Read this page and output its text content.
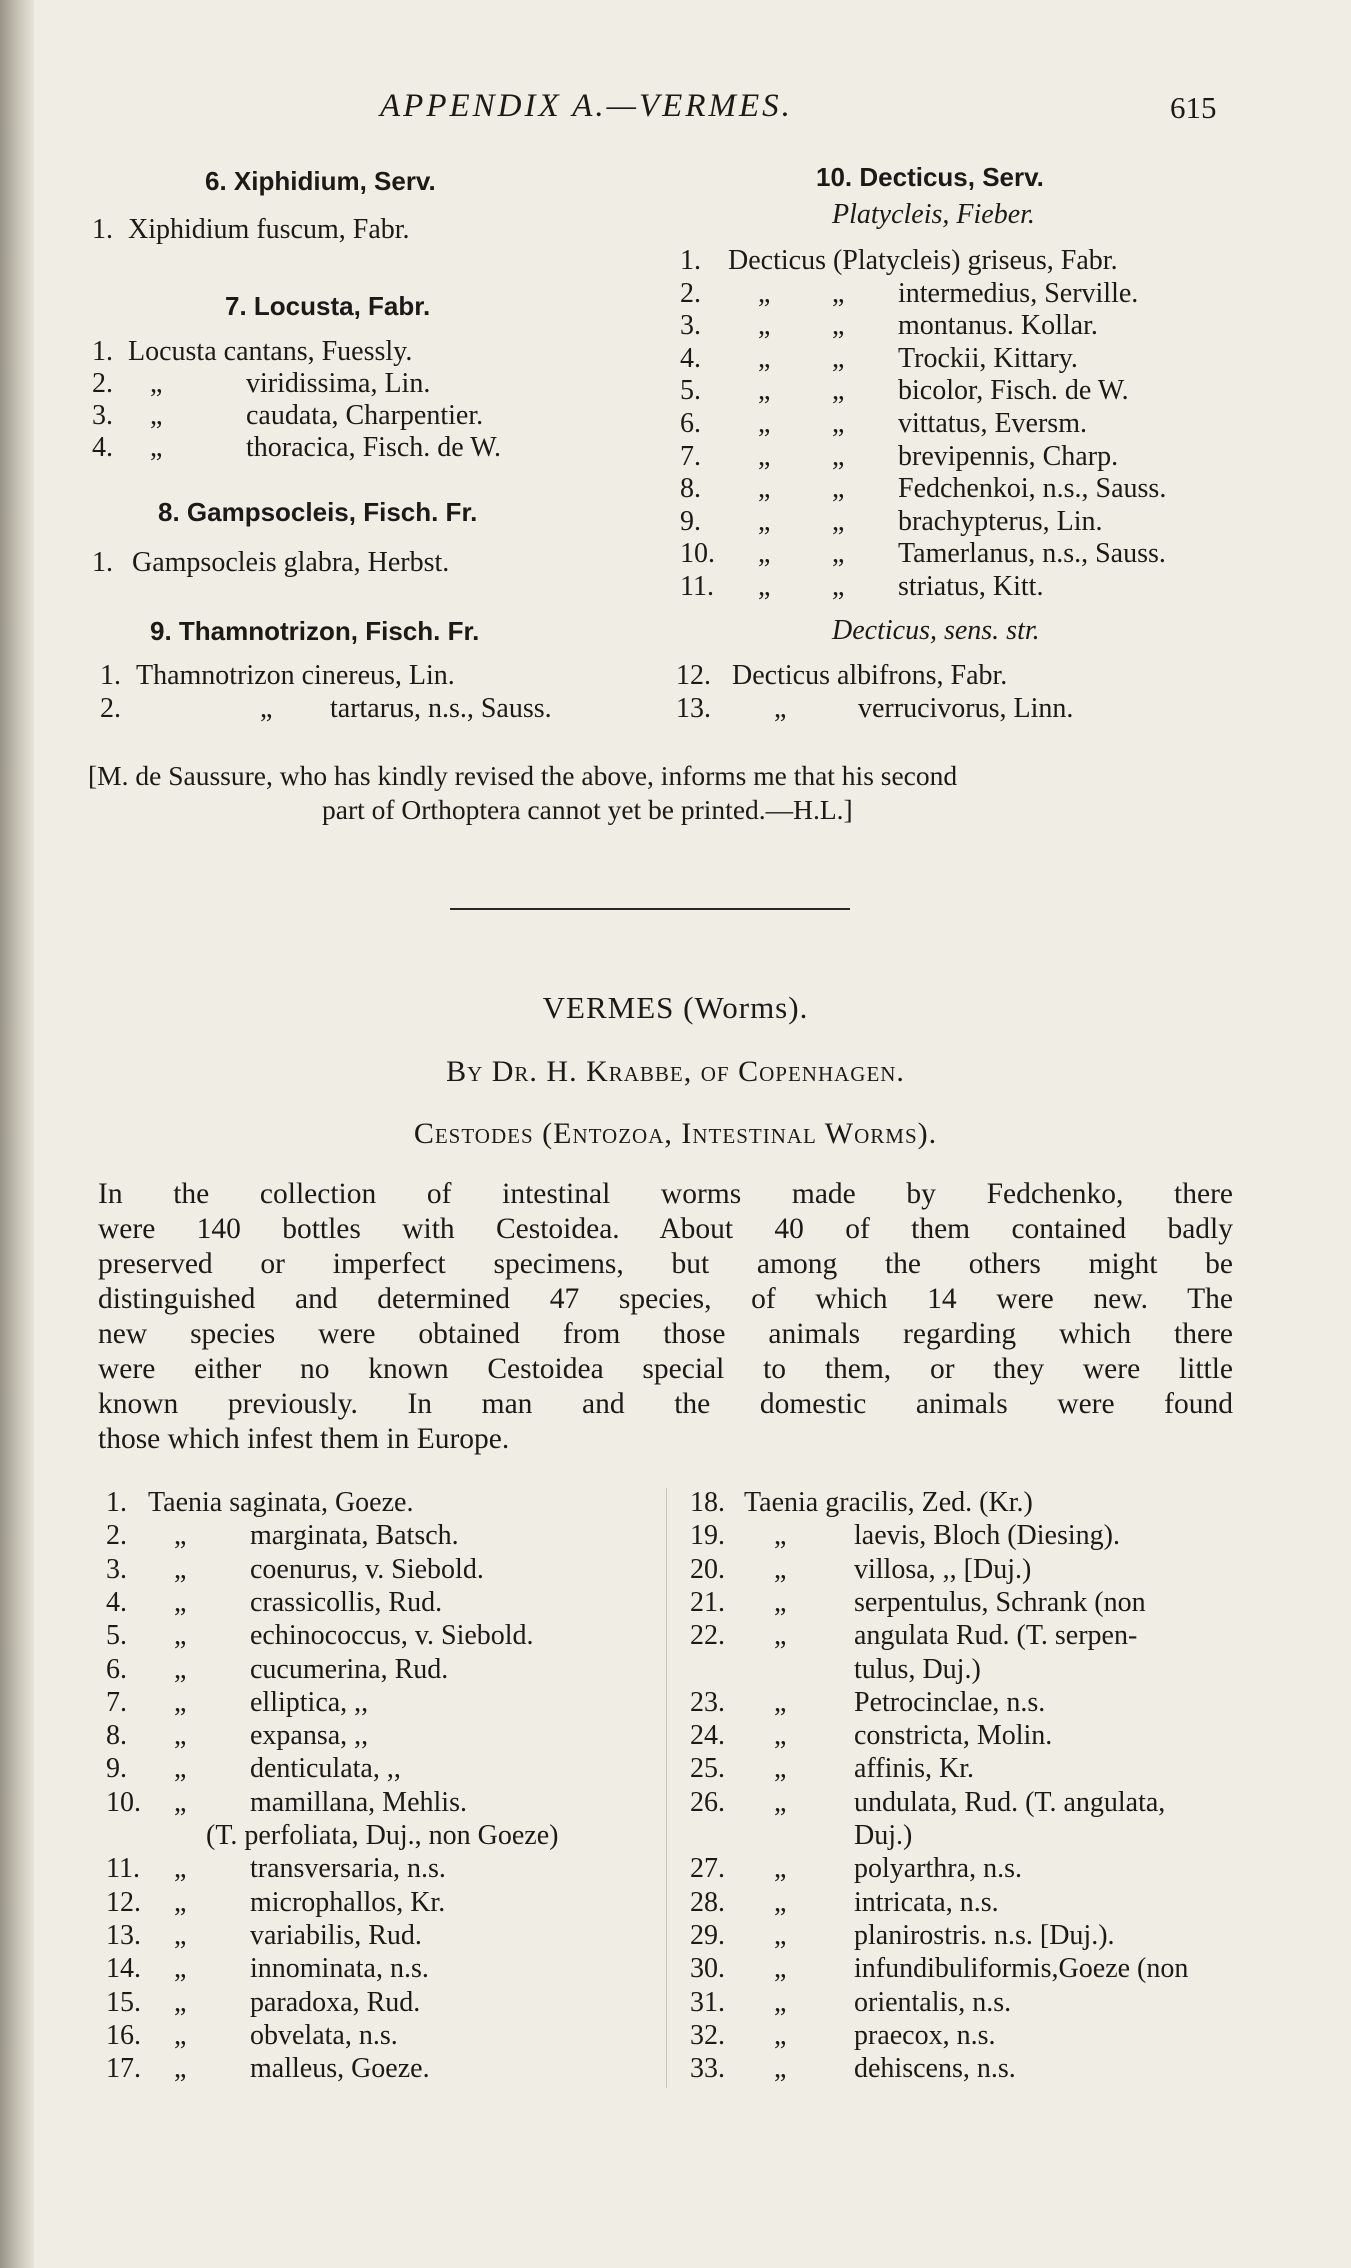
APPENDIX A.—VERMES.	615
6. Xiphidium, Serv.
1. Xiphidium fuscum, Fabr.
7. Locusta, Fabr.
1. Locusta cantans, Fuessly.
2. „	viridissima, Lin.
3. „	caudata, Charpentier.
4. „	thoracica, Fisch. de W.
8. Gampsocleis, Fisch. Fr.
1. Gampsocleis glabra, Herbst.
9. Thamnotrizon, Fisch. Fr.
1. Thamnotrizon cinereus, Lin.
2.	„ tartarus, n.s., Sauss.
10. Decticus, Serv.
Platycleis, Fieber.
1. Decticus (Platycleis) griseus, Fabr.
2. „ „ intermedius, Serville.
3. „ „ montanus. Kollar.
4. „ „ Trockii, Kittary.
5. „ „ bicolor, Fisch. de W.
6. „ „ vittatus, Eversm.
7. „ „ brevipennis, Charp.
8. „ „ Fedchenkoi, n.s., Sauss.
9. „ „ brachypterus, Lin.
10. „ „ Tamerlanus, n.s., Sauss.
11. „ „ striatus, Kitt.
Decticus, sens. str.
12. Decticus albifrons, Fabr.
13. „	verrucivorus, Linn.
[M. de Saussure, who has kindly revised the above, informs me that his second
part of Orthoptera cannot yet be printed.—H.L.]
VERMES (Worms).
By Dr. H. Krabbe, of Copenhagen.
Cestodes (Entozoa, Intestinal Worms).
In the collection of intestinal worms made by Fedchenko, there
were 140 bottles with Cestoidea. About 40 of them contained badly
preserved or imperfect specimens, but among the others might be
distinguished and determined 47 species, of which 14 were new. The
new species were obtained from those animals regarding which there
were either no known Cestoidea special to them, or they were little
known previously. In man and the domestic animals were found
those which infest them in Europe.
1. Taenia saginata, Goeze.
2. „ marginata, Batsch.
3. „ coenurus, v. Siebold.
4. „ crassicollis, Rud.
5. „ echinococcus, v. Siebold.
6. „ cucumerina, Rud.
7. „ elliptica, ,,
8. „ expansa, ,,
9. „ denticulata, ,,
10. „ mamillana, Mehlis.
(T. perfoliata, Duj., non Goeze)
11. „ transversaria, n.s.
12. „ microphallos, Kr.
13. „ variabilis, Rud.
14. „ innominata, n.s.
15. „ paradoxa, Rud.
16. „ obvelata, n.s.
17. „ malleus, Goeze.
18. Taenia gracilis, Zed. (Kr.)
19. „ laevis, Bloch (Diesing).
20. „ villosa, ,, [Duj.)
21. „ serpentulus, Schrank (non
22. „ angulata Rud. (T. serpen-
tulus, Duj.)
23. „ Petrocinclae, n.s.
24. „ constricta, Molin.
25. „ affinis, Kr.
26. „ undulata, Rud. (T. angulata,
Duj.)
27. „ polyarthra, n.s.
28. „ intricata, n.s.
29. „ planirostris. n.s. [Duj.).
30. „ infundibuliformis,Goeze (non
31. „ orientalis, n.s.
32. „ praecox, n.s.
33. „ dehiscens, n.s.
